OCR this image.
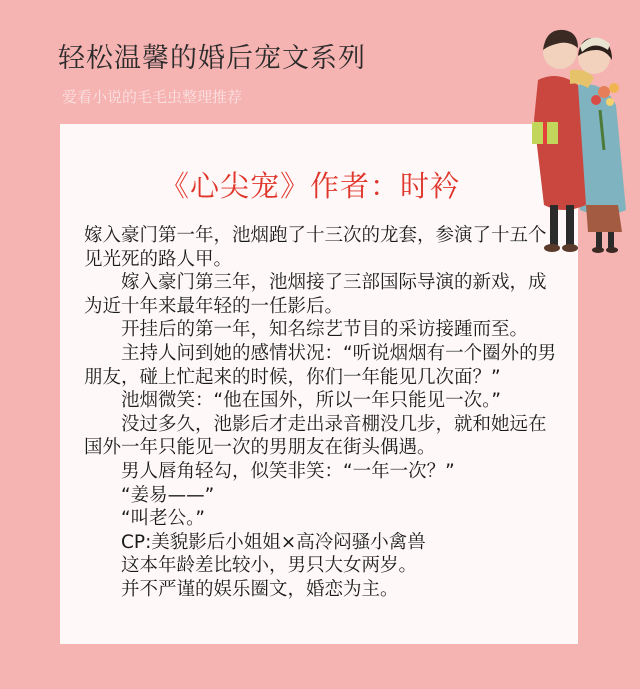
轻松温馨的婚后宠文系列
爱看小说的毛毛虫整理推荐
《心尖宠》作者：时衿

嫁入豪门第一年，池烟跑了十三次的龙套，参演了十五个见光死的路人甲。

嫁入豪门第三年，池烟接了三部国际导演的新戏，成为近十年来最年轻的一任影后。

开挂后的第一年，知名综艺节目的采访接踵而至。

主持人问到她的感情状况：“听说烟烟有一个圈外的男朋友，碰上忙起来的时候，你们一年能见几次面？”

池烟微笑：“他在国外，所以一年只能见一次。”

没过多久，池影后才走出录音棚没几步，就和她远在国外一年只能见一次的男朋友在街头偶遇。

男人唇角轻勾，似笑非笑：“一年一次？”

“姜易——”

“叫老公。”

CP:美貌影后小姐姐×高冷闷骚小禽兽

这本年龄差比较小，男只大女两岁。

并不严谨的娱乐圈文，婚恋为主。
